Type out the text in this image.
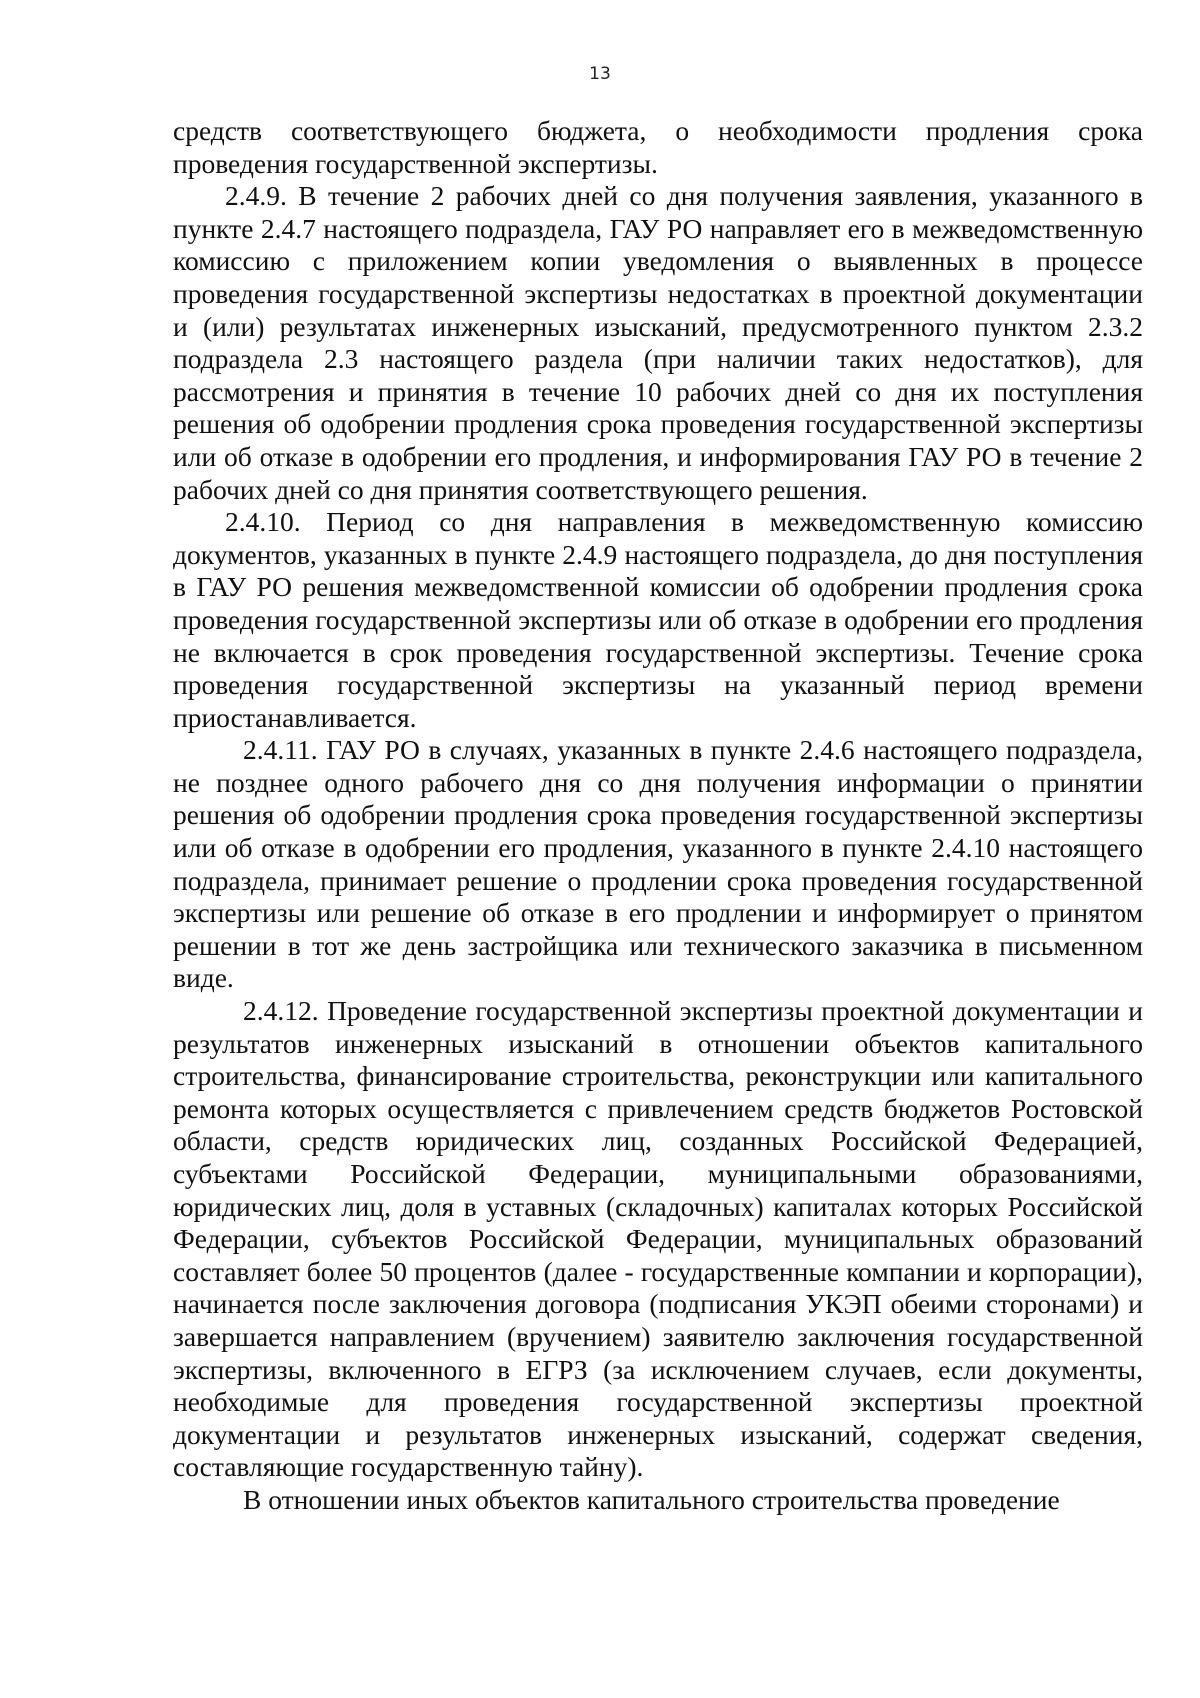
13

средств соответствующего бюджета, о необходимости продления срока проведения государственной экспертизы.

2.4.9. В течение 2 рабочих дней со дня получения заявления, указанного в пункте 2.4.7 настоящего подраздела, ГАУ РО направляет его в межведомственную комиссию с приложением копии уведомления о выявленных в процессе проведения государственной экспертизы недостатках в проектной документации и (или) результатах инженерных изысканий, предусмотренного пунктом 2.3.2 подраздела 2.3 настоящего раздела (при наличии таких недостатков), для рассмотрения и принятия в течение 10 рабочих дней со дня их поступления решения об одобрении продления срока проведения государственной экспертизы или об отказе в одобрении его продления, и информирования ГАУ РО в течение 2 рабочих дней со дня принятия соответствующего решения.

2.4.10. Период со дня направления в межведомственную комиссию документов, указанных в пункте 2.4.9 настоящего подраздела, до дня поступления в ГАУ РО решения межведомственной комиссии об одобрении продления срока проведения государственной экспертизы или об отказе в одобрении его продления не включается в срок проведения государственной экспертизы. Течение срока проведения государственной экспертизы на указанный период времени приостанавливается.

2.4.11. ГАУ РО в случаях, указанных в пункте 2.4.6 настоящего подраздела, не позднее одного рабочего дня со дня получения информации о принятии решения об одобрении продления срока проведения государственной экспертизы или об отказе в одобрении его продления, указанного в пункте 2.4.10 настоящего подраздела, принимает решение о продлении срока проведения государственной экспертизы или решение об отказе в его продлении и информирует о принятом решении в тот же день застройщика или технического заказчика в письменном виде.

2.4.12. Проведение государственной экспертизы проектной документации и результатов инженерных изысканий в отношении объектов капитального строительства, финансирование строительства, реконструкции или капитального ремонта которых осуществляется с привлечением средств бюджетов Ростовской области, средств юридических лиц, созданных Российской Федерацией, субъектами Российской Федерации, муниципальными образованиями, юридических лиц, доля в уставных (складочных) капиталах которых Российской Федерации, субъектов Российской Федерации, муниципальных образований составляет более 50 процентов (далее - государственные компании и корпорации), начинается после заключения договора (подписания УКЭП обеими сторонами) и завершается направлением (вручением) заявителю заключения государственной экспертизы, включенного в ЕГРЗ (за исключением случаев, если документы, необходимые для проведения государственной экспертизы проектной документации и результатов инженерных изысканий, содержат сведения, составляющие государственную тайну).

В отношении иных объектов капитального строительства проведение
